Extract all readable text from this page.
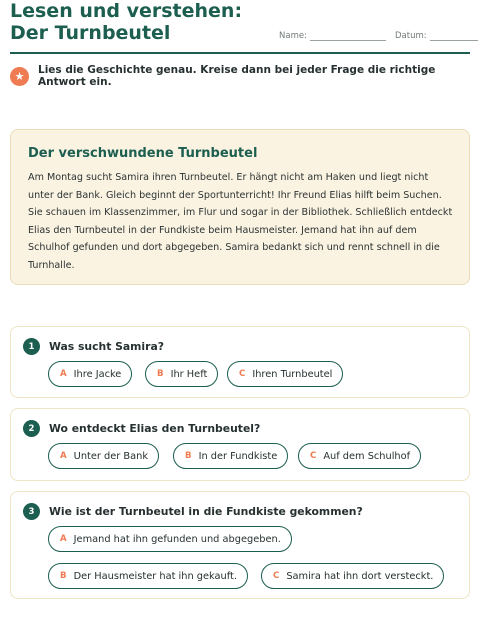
Lesen und verstehen: Der Turnbeutel	Name:	Datum:
★	Lies die Geschichte genau. Kreise dann bei jeder Frage die richtige Antwort ein.
Der verschwundene Turnbeutel
Am Montag sucht Samira ihren Turnbeutel. Er hängt nicht am Haken und liegt nicht unter der Bank. Gleich beginnt der Sportunterricht! Ihr Freund Elias hilft beim Suchen. Sie schauen im Klassenzimmer, im Flur und sogar in der Bibliothek. Schließlich entdeckt Elias den Turnbeutel in der Fundkiste beim Hausmeister. Jemand hat ihn auf dem Schulhof gefunden und dort abgegeben. Samira bedankt sich und rennt schnell in die Turnhalle.
1	Was sucht Samira?
A Ihre Jacke	B Ihr Heft	C Ihren Turnbeutel
2	Wo entdeckt Elias den Turnbeutel?
A Unter der Bank	B In der Fundkiste	C Auf dem Schulhof
3	Wie ist der Turnbeutel in die Fundkiste gekommen?
A Jemand hat ihn gefunden und abgegeben.
B Der Hausmeister hat ihn gekauft.	C Samira hat ihn dort versteckt.
